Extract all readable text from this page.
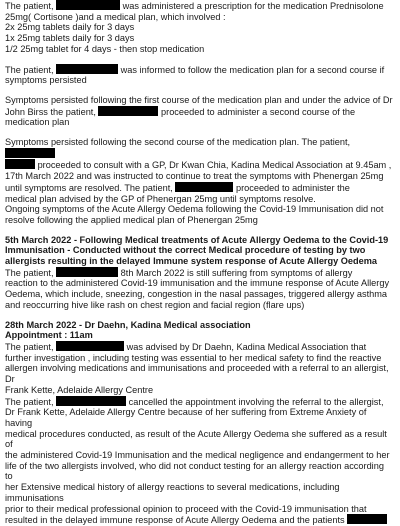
The patient,	was administered a prescription for the medication Prednisolone

25mg( Cortisone )and a medical plan, which involved :

2x 25mg tablets daily for 3 days

1x 25mg tablets daily for 3 days

1/2 25mg tablet for 4 days - then stop medication

The patient,	was informed to follow the medication plan for a second course if

symptoms persisted

Symptoms persisted following the first course of the medication plan and under the advice of Dr

John Birss the patient,	proceeded to administer a second course of the

medication plan

Symptoms persisted following the second course of the medication plan. The patient,

proceeded to consult with a GP, Dr Kwan Chia, Kadina Medical Association at 9.45am ,

17th March 2022 and was instructed to continue to treat the symptoms with Phenergan 25mg

until symptoms are resolved. The patient,	proceeded to administer the

medical plan advised by the GP of Phenergan 25mg until symptoms resolve.

Ongoing symptoms of the Acute Allergy Oedema following the Covid-19 Immunisation did not

resolve following the applied medical plan of Phenergan 25mg

5th March 2022 - Following Medical treatments of Acute Allergy Oedema to the Covid-19

Immunisation - Conducted without the correct Medical procedure of testing by two

allergists resulting in the delayed Immune system response of Acute Allergy Oedema

The patient,	8th March 2022 is still suffering from symptoms of allergy

reaction to the administered Covid-19 immunisation and the immune response of Acute Allergy

Oedema, which include, sneezing, congestion in the nasal passages, triggered allergy asthma

and reoccurring hive like rash on chest region and facial region (flare ups)

28th March 2022 - Dr Daehn, Kadina Medical association

Appointment : 11am

The patient,	was advised by Dr Daehn, Kadina Medical Association that

further investigation , including testing was essential to her medical safety to find the reactive

allergen involving medications and immunisations and proceeded with a referral to an allergist, Dr

Frank Kette, Adelaide Allergy Centre

The patient,	cancelled the appointment involving the referral to the allergist,

Dr Frank Kette, Adelaide Allergy Centre because of her suffering from Extreme Anxiety of having

medical procedures conducted, as result of the Acute Allergy Oedema she suffered as a result of

the administered Covid-19 Immunisation and the medical negligence and endangerment to her

life of the two allergists involved, who did not conduct testing for an allergy reaction according to

her Extensive medical history of allergy reactions to several medications, including immunisations

prior to their medical professional opinion to proceed with the Covid-19 immunisation that

resulted in the delayed immune response of Acute Allergy Oedema and the patients
